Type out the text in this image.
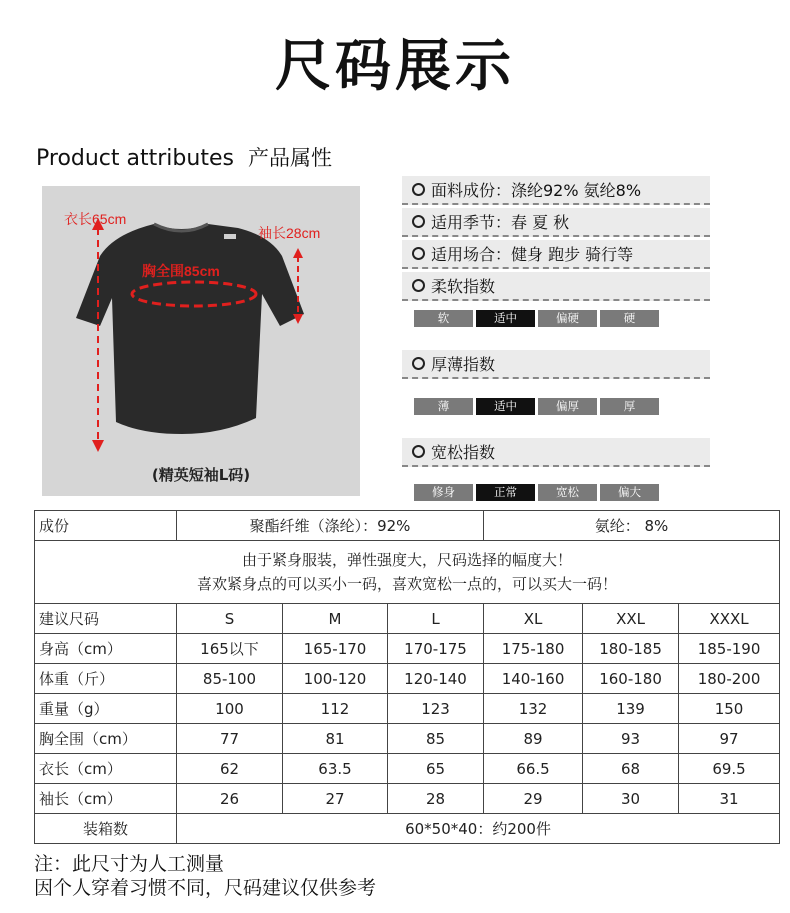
尺码展示
Product attributes 产品属性
衣长65cm
袖长28cm
胸全围85cm
(精英短袖L码)
面料成份：涤纶92% 氨纶8%
适用季节：春 夏 秋
适用场合：健身 跑步 骑行等
柔软指数
软	适中	偏硬	硬
厚薄指数
薄	适中	偏厚	厚
宽松指数
修身	正常	宽松	偏大
成份	聚酯纤维（涤纶）：92%			氨纶： 8%		

由于紧身服装，弹性强度大，尺码选择的幅度大！
喜欢紧身点的可以买小一码，喜欢宽松一点的，可以买大一码！						

建议尺码	S	M	L	XL	XXL	XXXL
身高（cm）	165以下	165-170	170-175	175-180	180-185	185-190
体重（斤）	85-100	100-120	120-140	140-160	160-180	180-200
重量（g）	100	112	123	132	139	150
胸全围（cm）	77	81	85	89	93	97
衣长（cm）	62	63.5	65	66.5	68	69.5
袖长（cm）	26	27	28	29	30	31
装箱数	60*50*40：约200件					
注：此尺寸为人工测量
因个人穿着习惯不同，尺码建议仅供参考
